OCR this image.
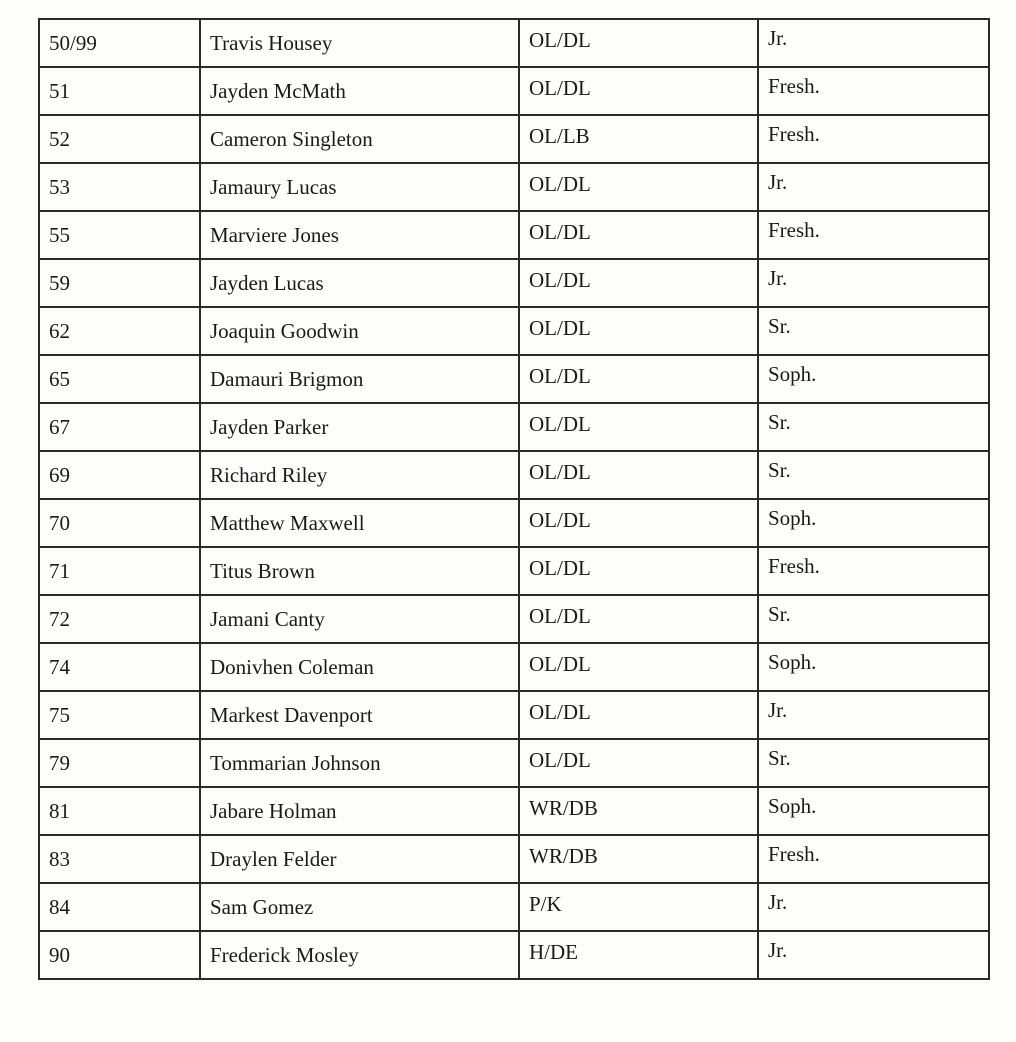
50/99	Travis Housey	OL/DL	Jr.
51	Jayden McMath	OL/DL	Fresh.
52	Cameron Singleton	OL/LB	Fresh.
53	Jamaury Lucas	OL/DL	Jr.
55	Marviere Jones	OL/DL	Fresh.
59	Jayden Lucas	OL/DL	Jr.
62	Joaquin Goodwin	OL/DL	Sr.
65	Damauri Brigmon	OL/DL	Soph.
67	Jayden Parker	OL/DL	Sr.
69	Richard Riley	OL/DL	Sr.
70	Matthew Maxwell	OL/DL	Soph.
71	Titus Brown	OL/DL	Fresh.
72	Jamani Canty	OL/DL	Sr.
74	Donivhen Coleman	OL/DL	Soph.
75	Markest Davenport	OL/DL	Jr.
79	Tommarian Johnson	OL/DL	Sr.
81	Jabare Holman	WR/DB	Soph.
83	Draylen Felder	WR/DB	Fresh.
84	Sam Gomez	P/K	Jr.
90	Frederick Mosley	H/DE	Jr.
